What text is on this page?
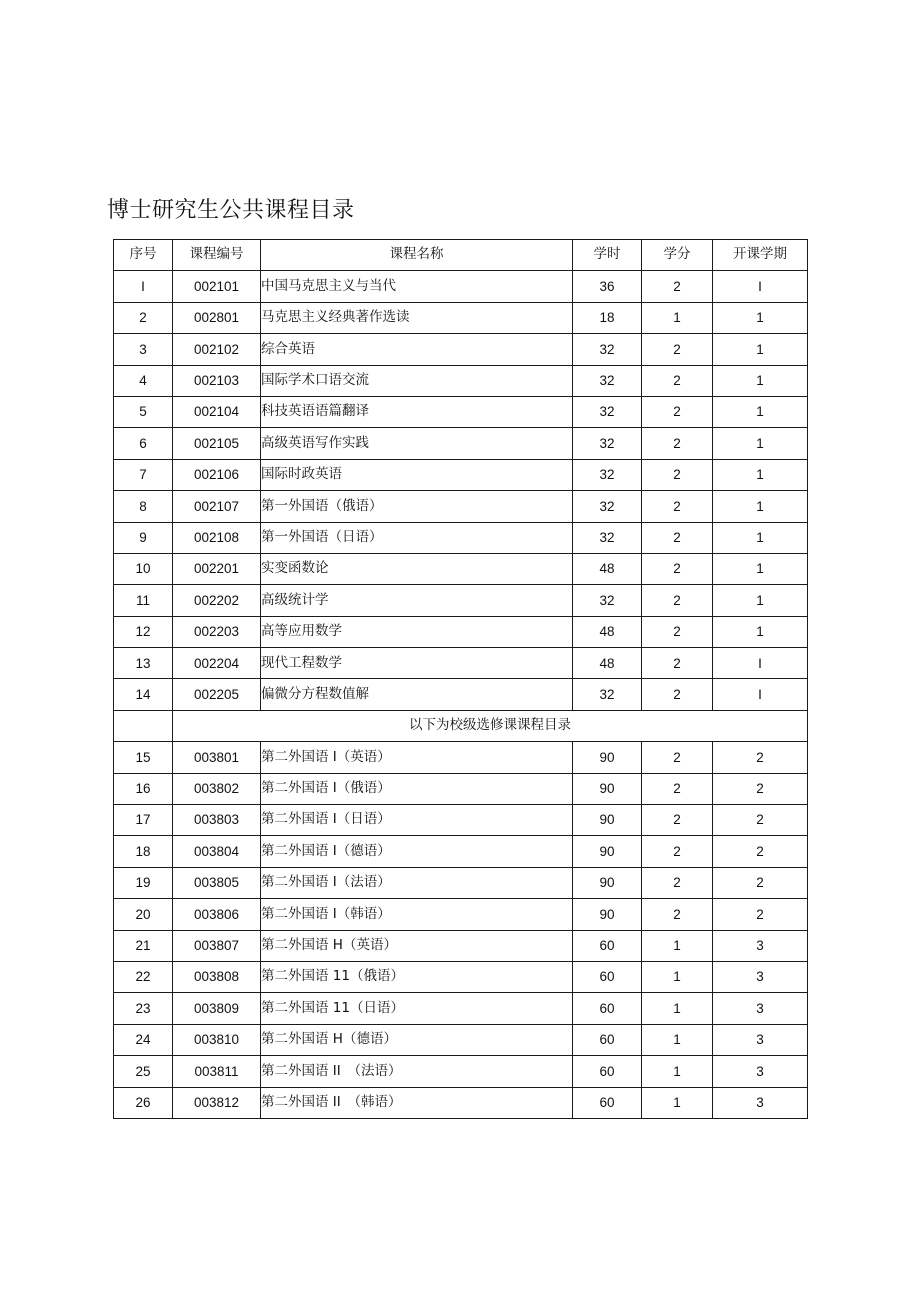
博士研究生公共课程目录
序号	课程编号	课程名称	学时	学分	开课学期
I	002101	中国马克思主义与当代	36	2	I
2	002801	马克思主义经典著作选读	18	1	1
3	002102	综合英语	32	2	1
4	002103	国际学术口语交流	32	2	1
5	002104	科技英语语篇翻译	32	2	1
6	002105	高级英语写作实践	32	2	1
7	002106	国际时政英语	32	2	1
8	002107	第一外国语（俄语）	32	2	1
9	002108	第一外国语（日语）	32	2	1
10	002201	实变函数论	48	2	1
11	002202	高级统计学	32	2	1
12	002203	高等应用数学	48	2	1
13	002204	现代工程数学	48	2	I
14	002205	偏微分方程数值解	32	2	I
	以下为校级选修课课程目录				
15	003801	第二外国语 I（英语）	90	2	2
16	003802	第二外国语 I（俄语）	90	2	2
17	003803	第二外国语 I（日语）	90	2	2
18	003804	第二外国语 I（德语）	90	2	2
19	003805	第二外国语 I（法语）	90	2	2
20	003806	第二外国语 I（韩语）	90	2	2
21	003807	第二外国语 H（英语）	60	1	3
22	003808	第二外国语 11（俄语）	60	1	3
23	003809	第二外国语 11（日语）	60	1	3
24	003810	第二外国语 H（德语）	60	1	3
25	003811	第二外国语 II　（法语）	60	1	3
26	003812	第二外国语 II　（韩语）	60	1	3
